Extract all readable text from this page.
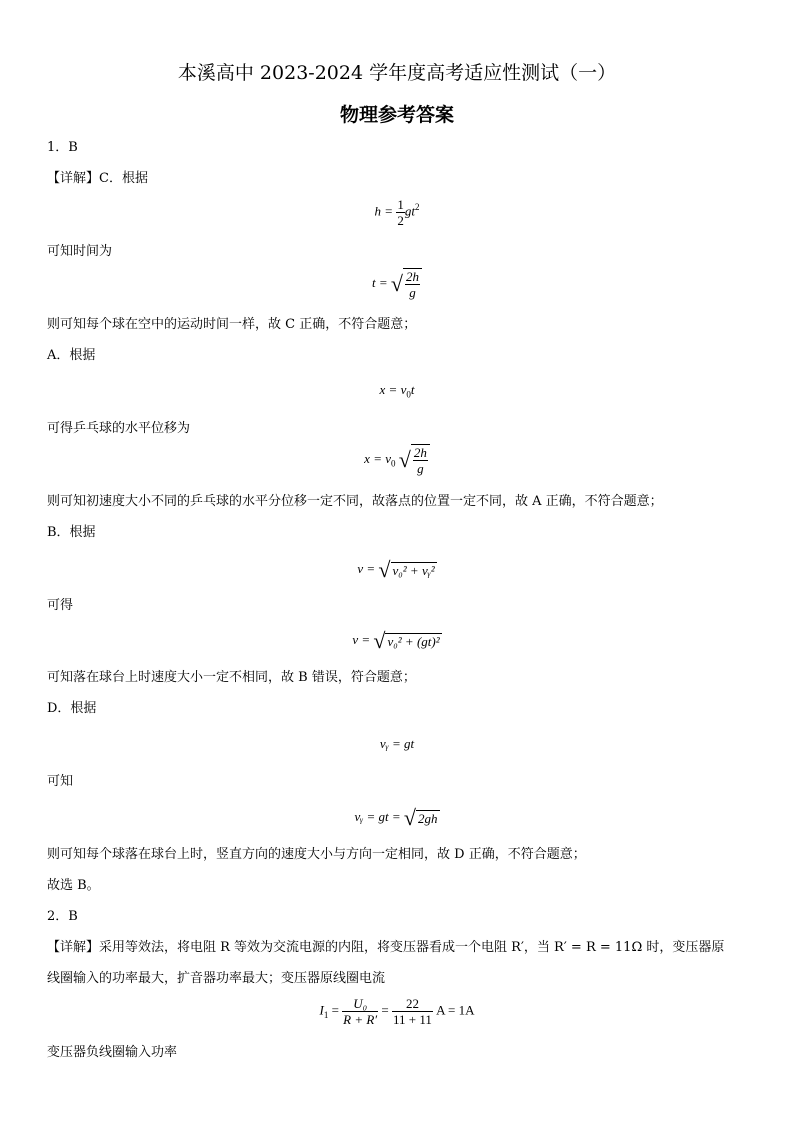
本溪高中 2023-2024 学年度高考适应性测试（一）
物理参考答案
1．B
【详解】C．根据
$h = \frac{1}{2} gt^2$
可知时间为
t = √ $\frac{2h}{g}$
则可知每个球在空中的运动时间一样，故 C 正确，不符合题意；
A．根据
$x = v_0t$
可得乒乓球的水平位移为
$x = v_0$ √ $\frac{2h}{g}$
则可知初速度大小不同的乒乓球的水平分位移一定不同，故落点的位置一定不同，故 A 正确，不符合题意；
B．根据
v = √ v₀² + vᵧ²
可得
v = √ v₀² + (gt)²
可知落在球台上时速度大小一定不相同，故 B 错误，符合题意；
D．根据
vᵧ = gt
可知
vᵧ = gt = √ 2gh
则可知每个球落在球台上时，竖直方向的速度大小与方向一定相同，故 D 正确，不符合题意；
故选 B。
2．B
【详解】采用等效法，将电阻 R 等效为交流电源的内阻，将变压器看成一个电阻 R′，当 R′ = R = 11Ω 时，变压器原
线圈输入的功率最大，扩音器功率最大；变压器原线圈电流
$I_1 = \frac{\text{U₀}}{R + R'} = \frac{22}{11 + 11}$ A = 1A
变压器负线圈输入功率
